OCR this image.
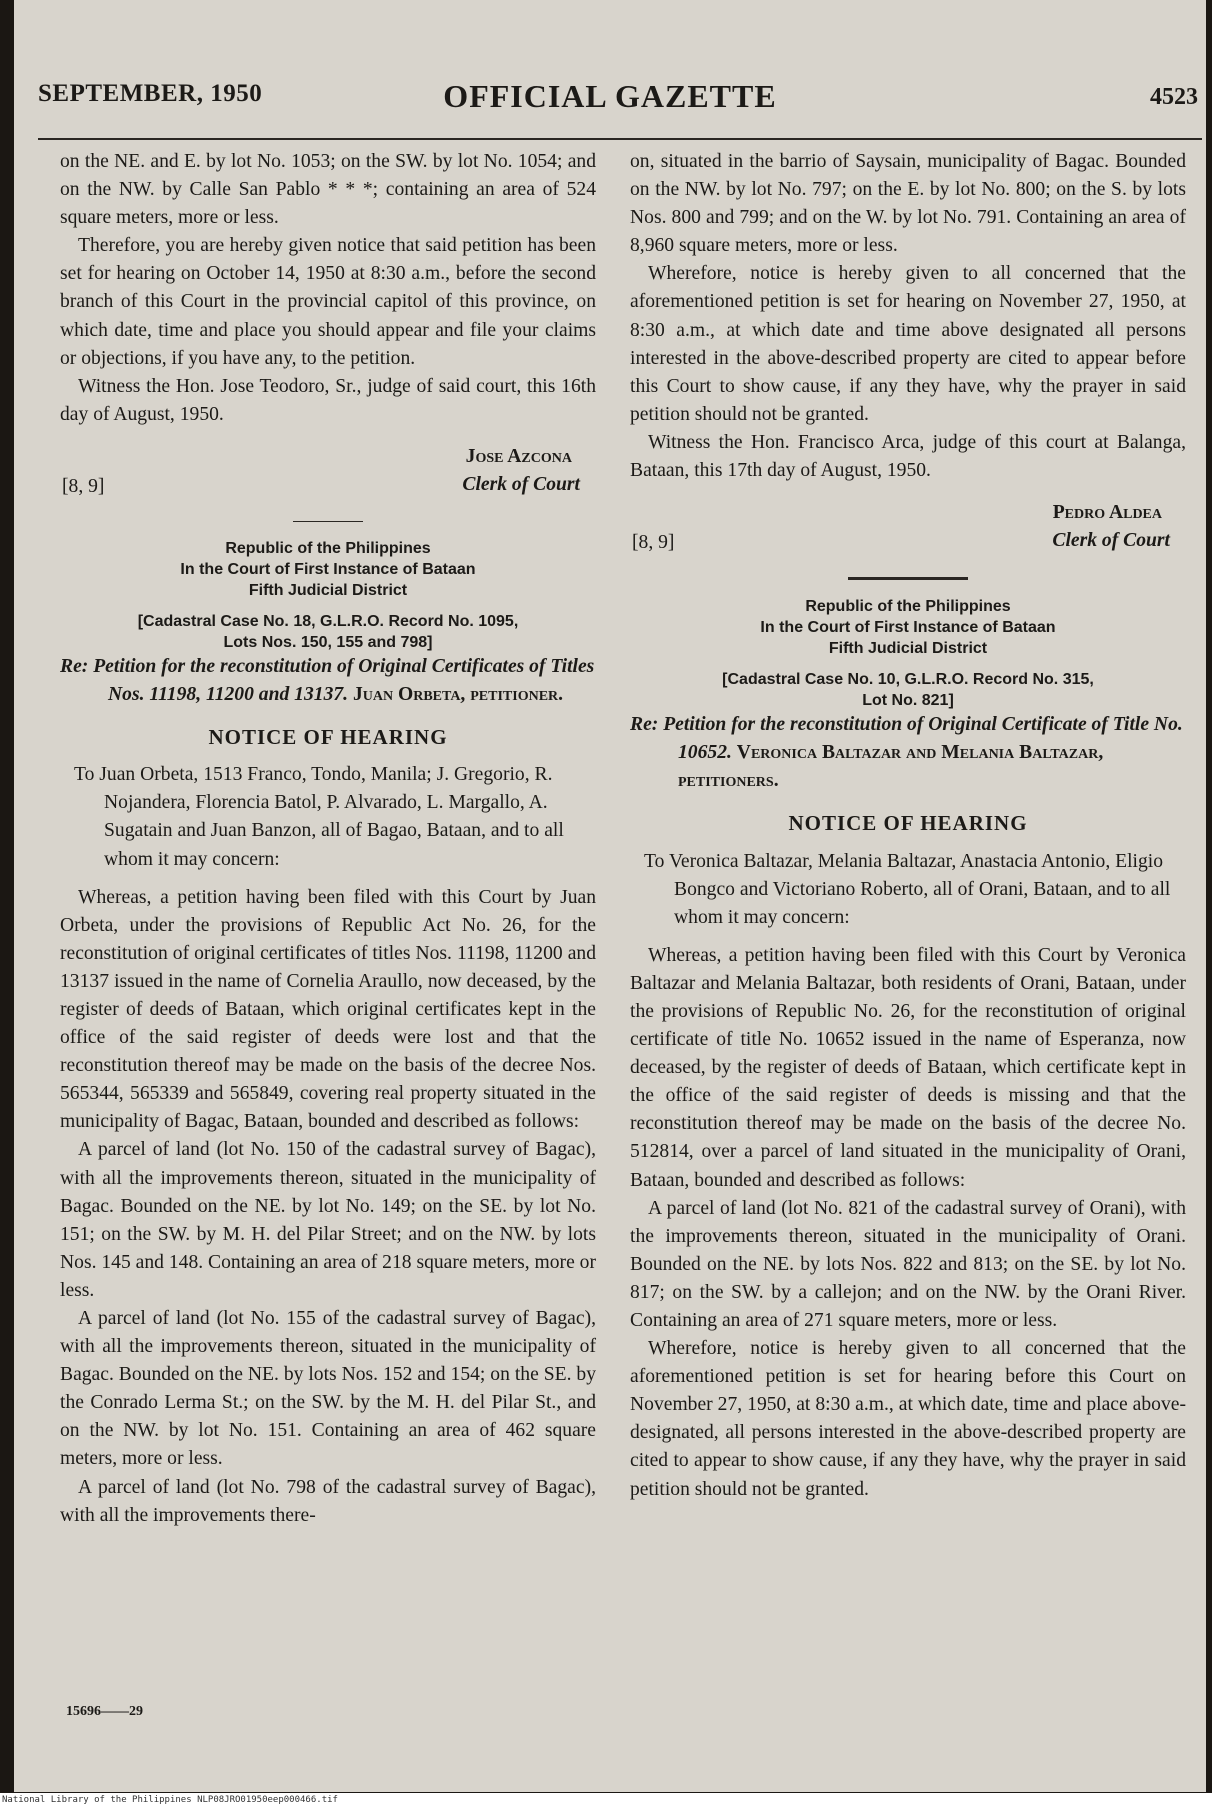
SEPTEMBER, 1950	OFFICIAL GAZETTE	4523

on the NE. and E. by lot No. 1053; on the SW. by lot No. 1054; and on the NW. by Calle San Pablo * * *; containing an area of 524 square meters, more or less.

Therefore, you are hereby given notice that said petition has been set for hearing on October 14, 1950 at 8:30 a.m., before the second branch of this Court in the provincial capitol of this province, on which date, time and place you should appear and file your claims or objections, if you have any, to the petition.

Witness the Hon. Jose Teodoro, Sr., judge of said court, this 16th day of August, 1950.

Jose Azcona
Clerk of Court
[8, 9]
Republic of the Philippines
In the Court of First Instance of Bataan
Fifth Judicial District
[Cadastral Case No. 18, G.L.R.O. Record No. 1095,
Lots Nos. 150, 155 and 798]

Re: Petition for the reconstitution of Original Certificates of Titles Nos. 11198, 11200 and 13137. Juan Orbeta, petitioner.

NOTICE OF HEARING

To Juan Orbeta, 1513 Franco, Tondo, Manila; J. Gregorio, R. Nojandera, Florencia Batol, P. Alvarado, L. Margallo, A. Sugatain and Juan Banzon, all of Bagao, Bataan, and to all whom it may concern:

Whereas, a petition having been filed with this Court by Juan Orbeta, under the provisions of Republic Act No. 26, for the reconstitution of original certificates of titles Nos. 11198, 11200 and 13137 issued in the name of Cornelia Araullo, now deceased, by the register of deeds of Bataan, which original certificates kept in the office of the said register of deeds were lost and that the reconstitution thereof may be made on the basis of the decree Nos. 565344, 565339 and 565849, covering real property situated in the municipality of Bagac, Bataan, bounded and described as follows:

A parcel of land (lot No. 150 of the cadastral survey of Bagac), with all the improvements thereon, situated in the municipality of Bagac. Bounded on the NE. by lot No. 149; on the SE. by lot No. 151; on the SW. by M. H. del Pilar Street; and on the NW. by lots Nos. 145 and 148. Containing an area of 218 square meters, more or less.

A parcel of land (lot No. 155 of the cadastral survey of Bagac), with all the improvements thereon, situated in the municipality of Bagac. Bounded on the NE. by lots Nos. 152 and 154; on the SE. by the Conrado Lerma St.; on the SW. by the M. H. del Pilar St., and on the NW. by lot No. 151. Containing an area of 462 square meters, more or less.

A parcel of land (lot No. 798 of the cadastral survey of Bagac), with all the improvements there-

15696——29

on, situated in the barrio of Saysain, municipality of Bagac. Bounded on the NW. by lot No. 797; on the E. by lot No. 800; on the S. by lots Nos. 800 and 799; and on the W. by lot No. 791. Containing an area of 8,960 square meters, more or less.

Wherefore, notice is hereby given to all concerned that the aforementioned petition is set for hearing on November 27, 1950, at 8:30 a.m., at which date and time above designated all persons interested in the above-described property are cited to appear before this Court to show cause, if any they have, why the prayer in said petition should not be granted.

Witness the Hon. Francisco Arca, judge of this court at Balanga, Bataan, this 17th day of August, 1950.

Pedro Aldea
Clerk of Court
[8, 9]
Republic of the Philippines
In the Court of First Instance of Bataan
Fifth Judicial District
[Cadastral Case No. 10, G.L.R.O. Record No. 315,
Lot No. 821]

Re: Petition for the reconstitution of Original Certificate of Title No. 10652. Veronica Baltazar and Melania Baltazar, petitioners.

NOTICE OF HEARING

To Veronica Baltazar, Melania Baltazar, Anastacia Antonio, Eligio Bongco and Victoriano Roberto, all of Orani, Bataan, and to all whom it may concern:

Whereas, a petition having been filed with this Court by Veronica Baltazar and Melania Baltazar, both residents of Orani, Bataan, under the provisions of Republic No. 26, for the reconstitution of original certificate of title No. 10652 issued in the name of Esperanza, now deceased, by the register of deeds of Bataan, which certificate kept in the office of the said register of deeds is missing and that the reconstitution thereof may be made on the basis of the decree No. 512814, over a parcel of land situated in the municipality of Orani, Bataan, bounded and described as follows:

A parcel of land (lot No. 821 of the cadastral survey of Orani), with the improvements thereon, situated in the municipality of Orani. Bounded on the NE. by lots Nos. 822 and 813; on the SE. by lot No. 817; on the SW. by a callejon; and on the NW. by the Orani River. Containing an area of 271 square meters, more or less.

Wherefore, notice is hereby given to all concerned that the aforementioned petition is set for hearing before this Court on November 27, 1950, at 8:30 a.m., at which date, time and place above-designated, all persons interested in the above-described property are cited to appear to show cause, if any they have, why the prayer in said petition should not be granted.

National Library of the Philippines NLP08JRO01950eep000466.tif
